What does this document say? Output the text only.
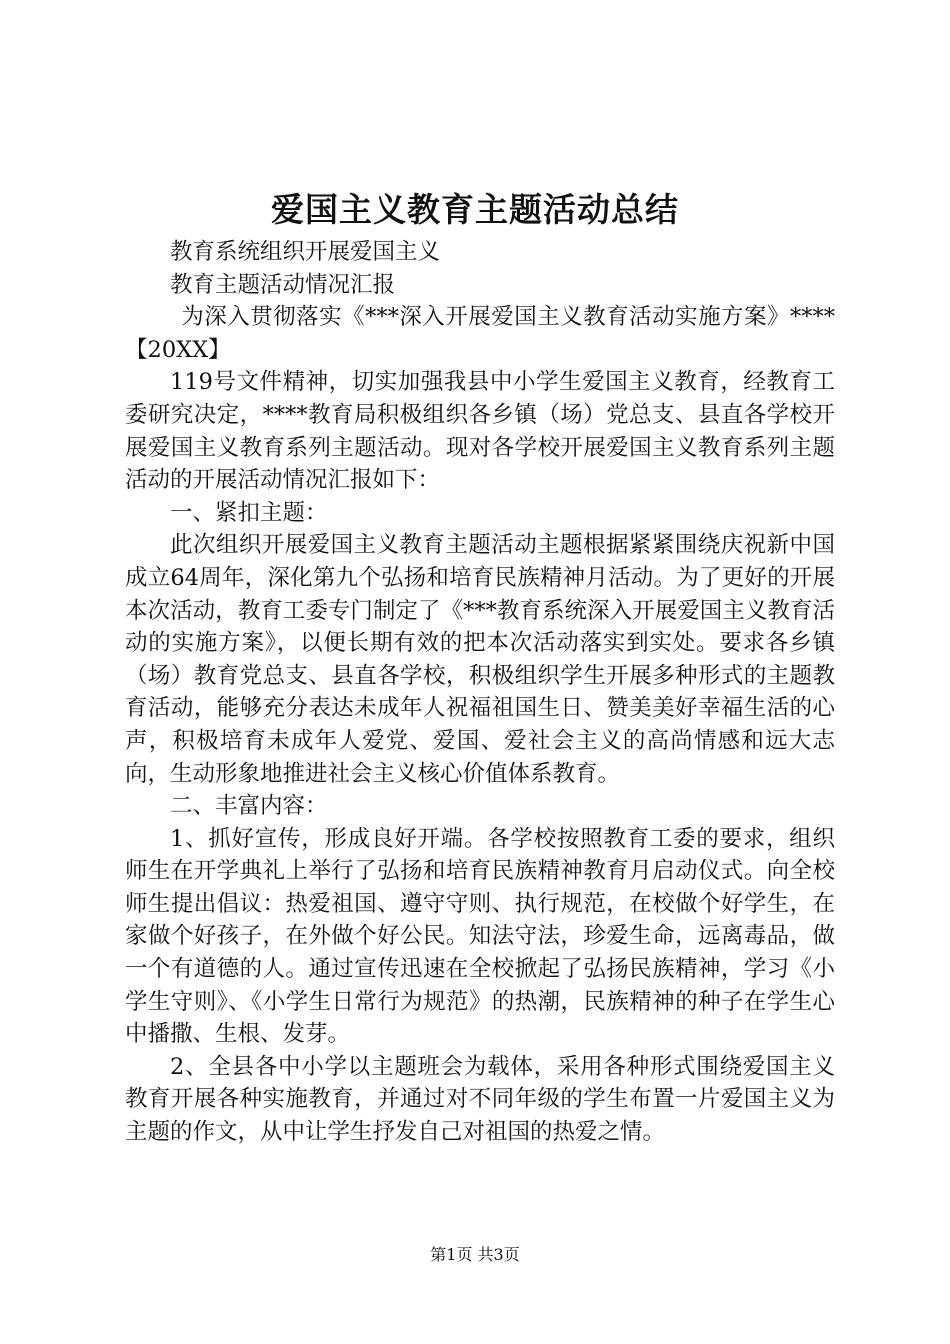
爱国主义教育主题活动总结

教育系统组织开展爱国主义

教育主题活动情况汇报

为深入贯彻落实《***深入开展爱国主义教育活动实施方案》****【20XX】

119号文件精神，切实加强我县中小学生爱国主义教育，经教育工委研究决定，****教育局积极组织各乡镇（场）党总支、县直各学校开展爱国主义教育系列主题活动。现对各学校开展爱国主义教育系列主题活动的开展活动情况汇报如下：

一、紧扣主题：

此次组织开展爱国主义教育主题活动主题根据紧紧围绕庆祝新中国成立64周年，深化第九个弘扬和培育民族精神月活动。为了更好的开展本次活动，教育工委专门制定了《***教育系统深入开展爱国主义教育活动的实施方案》，以便长期有效的把本次活动落实到实处。要求各乡镇（场）教育党总支、县直各学校，积极组织学生开展多种形式的主题教育活动，能够充分表达未成年人祝福祖国生日、赞美美好幸福生活的心声，积极培育未成年人爱党、爱国、爱社会主义的高尚情感和远大志向，生动形象地推进社会主义核心价值体系教育。

二、丰富内容：

1、抓好宣传，形成良好开端。各学校按照教育工委的要求，组织师生在开学典礼上举行了弘扬和培育民族精神教育月启动仪式。向全校师生提出倡议：热爱祖国、遵守守则、执行规范，在校做个好学生，在家做个好孩子，在外做个好公民。知法守法，珍爱生命，远离毒品，做一个有道德的人。通过宣传迅速在全校掀起了弘扬民族精神，学习《小学生守则》、《小学生日常行为规范》的热潮，民族精神的种子在学生心中播撒、生根、发芽。

2、全县各中小学以主题班会为载体，采用各种形式围绕爱国主义教育开展各种实施教育，并通过对不同年级的学生布置一片爱国主义为主题的作文，从中让学生抒发自己对祖国的热爱之情。

第1页 共3页
